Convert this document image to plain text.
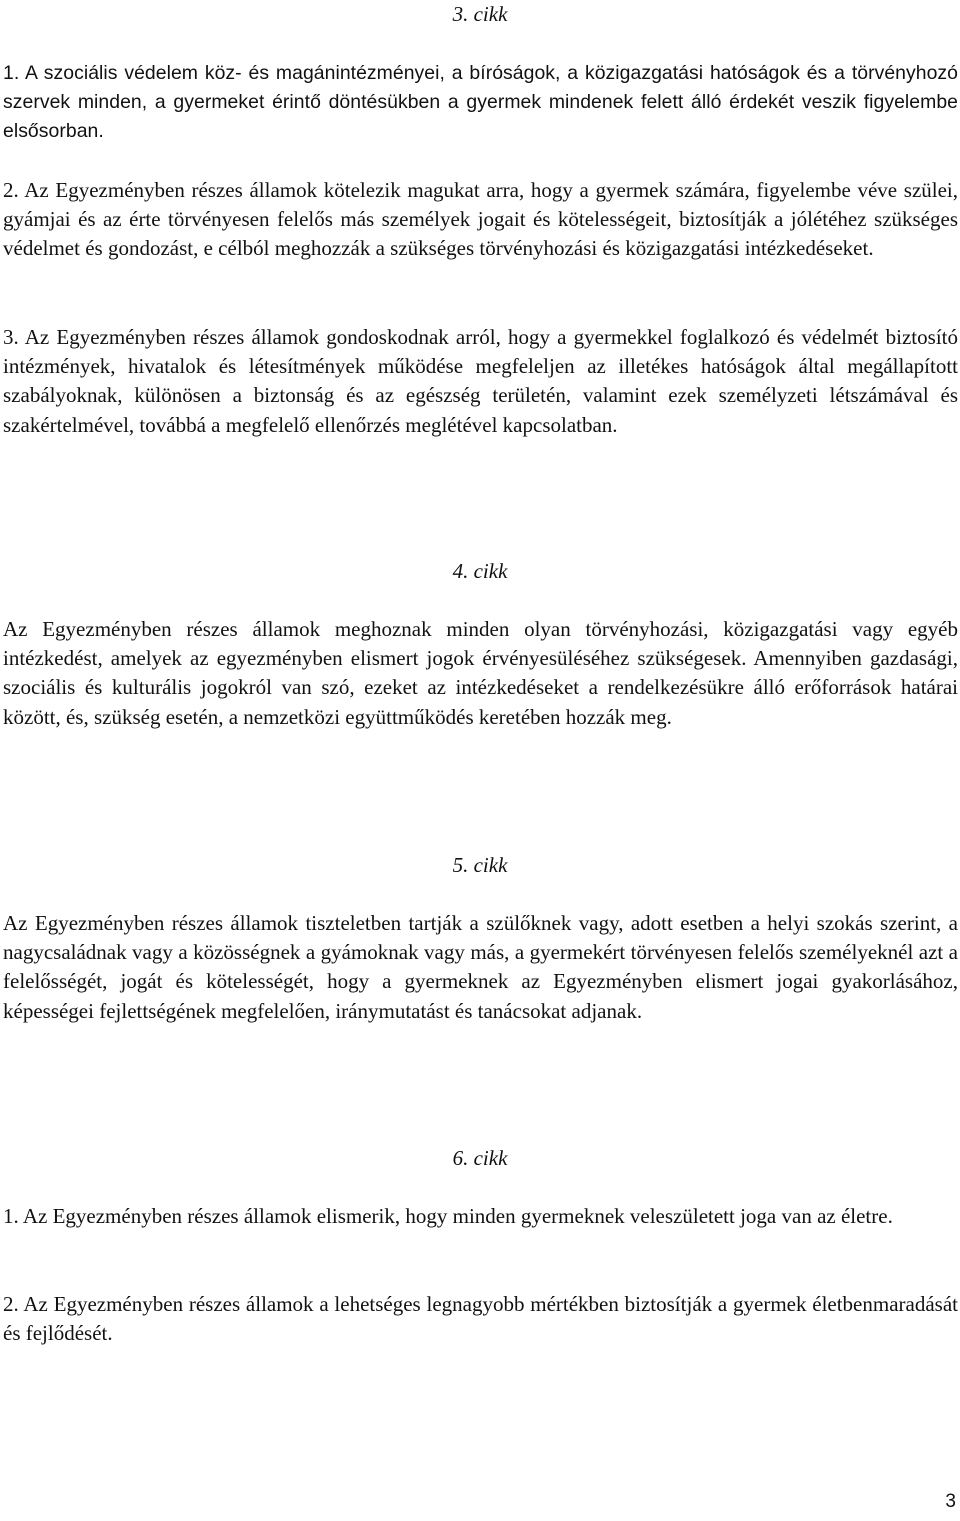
3. cikk

1. A szociális védelem köz- és magánintézményei, a bíróságok, a közigazgatási hatóságok és a törvényhozó szervek minden, a gyermeket érintő döntésükben a gyermek mindenek felett álló érdekét veszik figyelembe elsősorban.

2. Az Egyezményben részes államok kötelezik magukat arra, hogy a gyermek számára, figyelembe véve szülei, gyámjai és az érte törvényesen felelős más személyek jogait és kötelességeit, biztosítják a jólétéhez szükséges védelmet és gondozást, e célból meghozzák a szükséges törvényhozási és közigazgatási intézkedéseket.

3. Az Egyezményben részes államok gondoskodnak arról, hogy a gyermekkel foglalkozó és védelmét biztosító intézmények, hivatalok és létesítmények működése megfeleljen az illetékes hatóságok által megállapított szabályoknak, különösen a biztonság és az egészség területén, valamint ezek személyzeti létszámával és szakértelmével, továbbá a megfelelő ellenőrzés meglétével kapcsolatban.

4. cikk

Az Egyezményben részes államok meghoznak minden olyan törvényhozási, közigazgatási vagy egyéb intézkedést, amelyek az egyezményben elismert jogok érvényesüléséhez szükségesek. Amennyiben gazdasági, szociális és kulturális jogokról van szó, ezeket az intézkedéseket a rendelkezésükre álló erőforrások határai között, és, szükség esetén, a nemzetközi együttműködés keretében hozzák meg.

5. cikk

Az Egyezményben részes államok tiszteletben tartják a szülőknek vagy, adott esetben a helyi szokás szerint, a nagycsaládnak vagy a közösségnek a gyámoknak vagy más, a gyermekért törvényesen felelős személyeknél azt a felelősségét, jogát és kötelességét, hogy a gyermeknek az Egyezményben elismert jogai gyakorlásához, képességei fejlettségének megfelelően, iránymutatást és tanácsokat adjanak.

6. cikk

1. Az Egyezményben részes államok elismerik, hogy minden gyermeknek veleszületett joga van az életre.

2. Az Egyezményben részes államok a lehetséges legnagyobb mértékben biztosítják a gyermek életbenmaradását és fejlődését.

3
